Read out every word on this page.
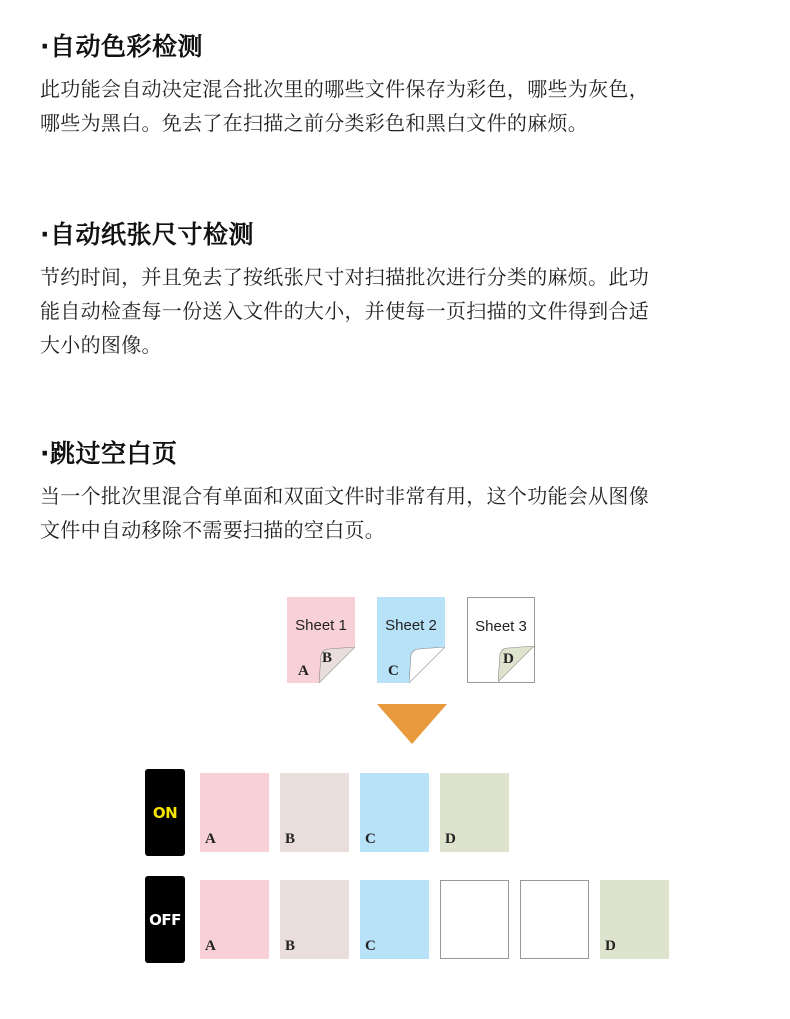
·自动色彩检测

此功能会自动决定混合批次里的哪些文件保存为彩色，哪些为灰色，

哪些为黑白。免去了在扫描之前分类彩色和黑白文件的麻烦。

·自动纸张尺寸检测

节约时间，并且免去了按纸张尺寸对扫描批次进行分类的麻烦。此功

能自动检查每一份送入文件的大小，并使每一页扫描的文件得到合适

大小的图像。

·跳过空白页

当一个批次里混合有单面和双面文件时非常有用，这个功能会从图像

文件中自动移除不需要扫描的空白页。

Sheet 1
A
B
Sheet 2
C
Sheet 3
D
ON
A	B	C	D
OFF
A	B	C	D
